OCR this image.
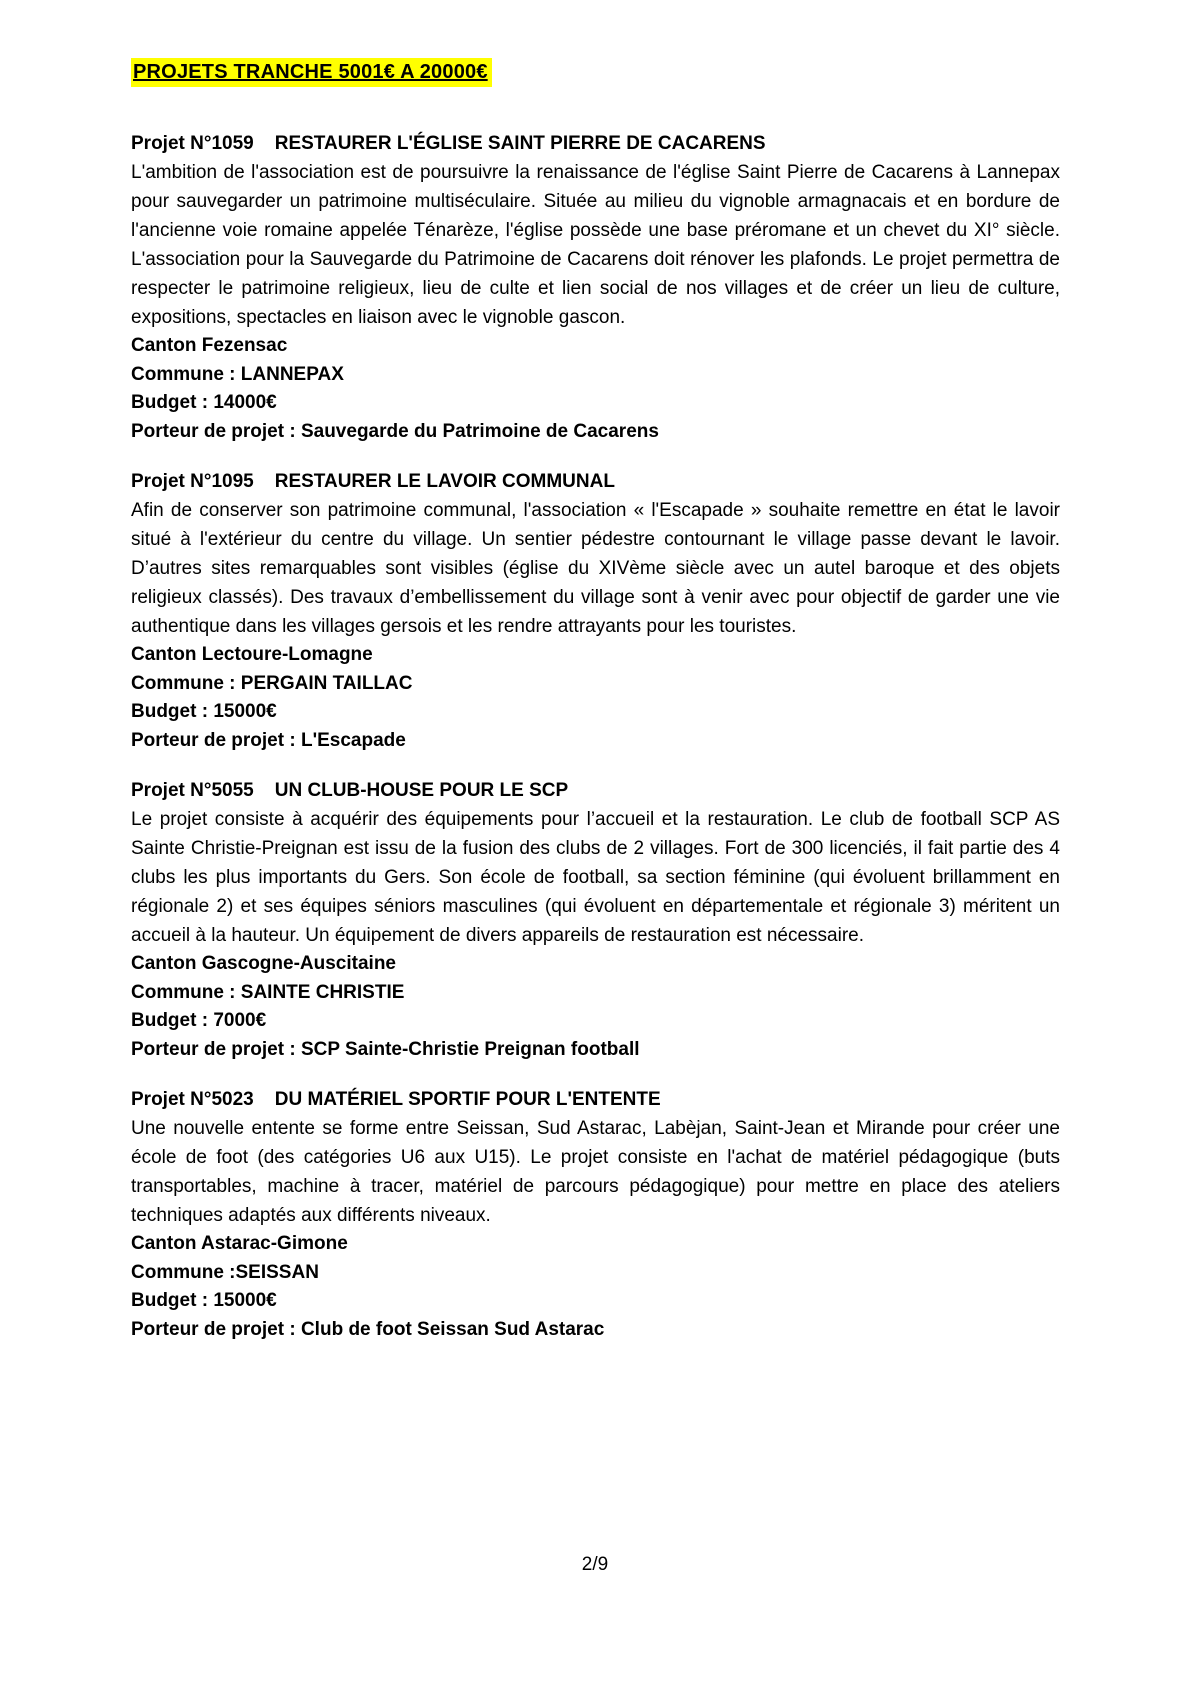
PROJETS TRANCHE 5001€ A 20000€
Projet N°1059 RESTAURER L'ÉGLISE SAINT PIERRE DE CACARENS

L'ambition de l'association est de poursuivre la renaissance de l'église Saint Pierre de Cacarens à Lannepax pour sauvegarder un patrimoine multiséculaire. Située au milieu du vignoble armagnacais et en bordure de l'ancienne voie romaine appelée Ténarèze, l'église possède une base préromane et un chevet du XI° siècle. L'association pour la Sauvegarde du Patrimoine de Cacarens doit rénover les plafonds. Le projet permettra de respecter le patrimoine religieux, lieu de culte et lien social de nos villages et de créer un lieu de culture, expositions, spectacles en liaison avec le vignoble gascon.

Canton Fezensac

Commune : LANNEPAX

Budget : 14000€

Porteur de projet : Sauvegarde du Patrimoine de Cacarens

Projet N°1095 RESTAURER LE LAVOIR COMMUNAL

Afin de conserver son patrimoine communal, l'association « l'Escapade » souhaite remettre en état le lavoir situé à l'extérieur du centre du village. Un sentier pédestre contournant le village passe devant le lavoir. D’autres sites remarquables sont visibles (église du XIVème siècle avec un autel baroque et des objets religieux classés). Des travaux d’embellissement du village sont à venir avec pour objectif de garder une vie authentique dans les villages gersois et les rendre attrayants pour les touristes.

Canton Lectoure-Lomagne

Commune : PERGAIN TAILLAC

Budget : 15000€

Porteur de projet : L'Escapade

Projet N°5055 UN CLUB-HOUSE POUR LE SCP

Le projet consiste à acquérir des équipements pour l’accueil et la restauration. Le club de football SCP AS Sainte Christie-Preignan est issu de la fusion des clubs de 2 villages. Fort de 300 licenciés, il fait partie des 4 clubs les plus importants du Gers. Son école de football, sa section féminine (qui évoluent brillamment en régionale 2) et ses équipes séniors masculines (qui évoluent en départementale et régionale 3) méritent un accueil à la hauteur. Un équipement de divers appareils de restauration est nécessaire.

Canton Gascogne-Auscitaine

Commune : SAINTE CHRISTIE

Budget : 7000€

Porteur de projet : SCP Sainte-Christie Preignan football

Projet N°5023 DU MATÉRIEL SPORTIF POUR L'ENTENTE

Une nouvelle entente se forme entre Seissan, Sud Astarac, Labèjan, Saint-Jean et Mirande pour créer une école de foot (des catégories U6 aux U15). Le projet consiste en l'achat de matériel pédagogique (buts transportables, machine à tracer, matériel de parcours pédagogique) pour mettre en place des ateliers techniques adaptés aux différents niveaux.

Canton Astarac-Gimone

Commune :SEISSAN

Budget : 15000€

Porteur de projet : Club de foot Seissan Sud Astarac

2/9
